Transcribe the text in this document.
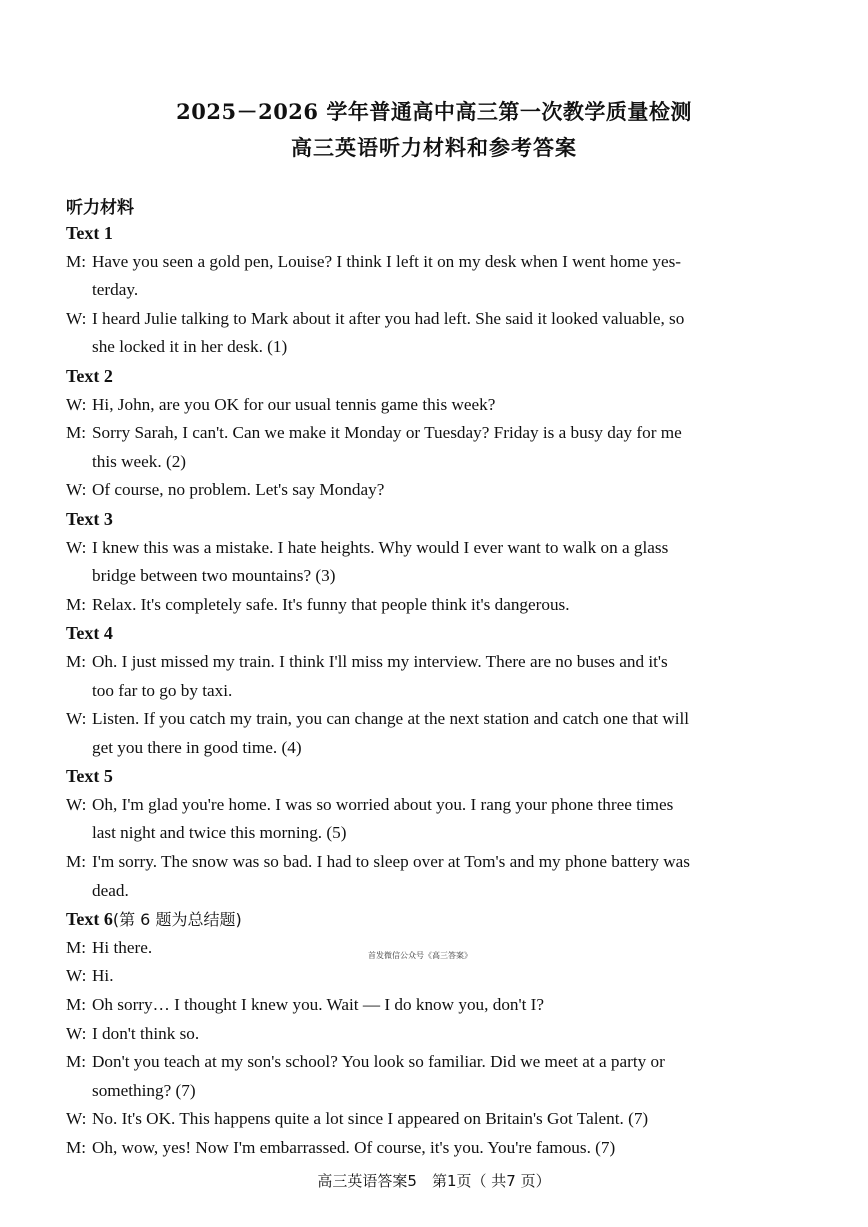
2025－2026 学年普通高中高三第一次教学质量检测
高三英语听力材料和参考答案
听力材料
Text 1
M: Have you seen a gold pen, Louise? I think I left it on my desk when I went home yes-
terday.
W: I heard Julie talking to Mark about it after you had left. She said it looked valuable, so
she locked it in her desk. (1)
Text 2
W: Hi, John, are you OK for our usual tennis game this week?
M: Sorry Sarah, I can't. Can we make it Monday or Tuesday? Friday is a busy day for me
this week. (2)
W: Of course, no problem. Let's say Monday?
Text 3
W: I knew this was a mistake. I hate heights. Why would I ever want to walk on a glass
bridge between two mountains? (3)
M: Relax. It's completely safe. It's funny that people think it's dangerous.
Text 4
M: Oh. I just missed my train. I think I'll miss my interview. There are no buses and it's
too far to go by taxi.
W: Listen. If you catch my train, you can change at the next station and catch one that will
get you there in good time. (4)
Text 5
W: Oh, I'm glad you're home. I was so worried about you. I rang your phone three times
last night and twice this morning. (5)
M: I'm sorry. The snow was so bad. I had to sleep over at Tom's and my phone battery was
dead.
Text 6(第 6 题为总结题)
M: Hi there.
W: Hi.
M: Oh sorry… I thought I knew you. Wait — I do know you, don't I?
W: I don't think so.
M: Don't you teach at my son's school? You look so familiar. Did we meet at a party or
something? (7)
W: No. It's OK. This happens quite a lot since I appeared on Britain's Got Talent. (7)
M: Oh, wow, yes! Now I'm embarrassed. Of course, it's you. You're famous. (7)
首发微信公众号《高三答案》
高三英语答案5　第1页（ 共7 页）
